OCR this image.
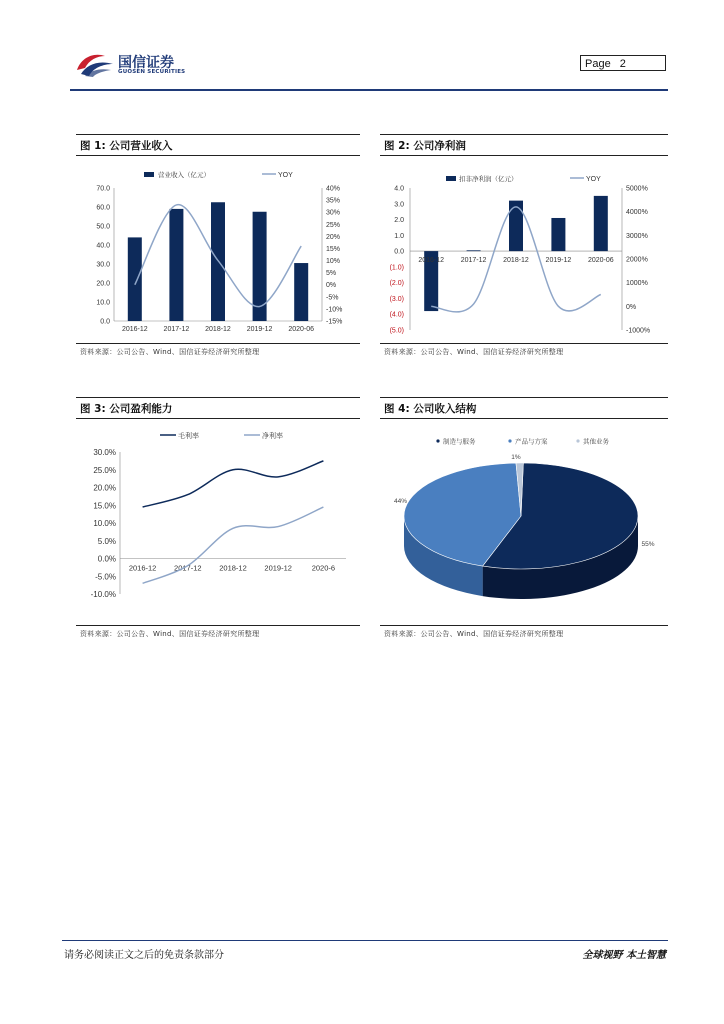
国信证券
GUOSEN SECURITIES
Page 2
图 1: 公司营业收入
营业收入（亿元）	YOY
70.0
60.0
50.0
40.0
30.0
20.0
10.0
0.0
40%
35%
30%
25%
20%
15%
10%
5%
0%
-5%
-10%
-15%
2016-12 2017-12 2018-12 2019-12 2020-06
资料来源：公司公告、Wind、国信证券经济研究所整理
图 2: 公司净利润
扣非净利润（亿元）	YOY
4.0
3.0
2.0
1.0
0.0
(1.0)
(2.0)
(3.0)
(4.0)
(5.0)
5000%
4000%
3000%
2000%
1000%
0%
-1000%
2016-12 2017-12 2018-12 2019-12 2020-06
资料来源：公司公告、Wind、国信证券经济研究所整理
图 3: 公司盈利能力
毛利率	净利率
30.0%
25.0%
20.0%
15.0%
10.0%
5.0%
0.0%
-5.0%
-10.0%
2016-12 2017-12 2018-12 2019-12	2020-6
资料来源：公司公告、Wind、国信证券经济研究所整理
图 4: 公司收入结构
制造与服务	产品与方案	其他业务
55%
44%
1%
资料来源：公司公告、Wind、国信证券经济研究所整理
请务必阅读正文之后的免责条款部分	全球视野 本土智慧
